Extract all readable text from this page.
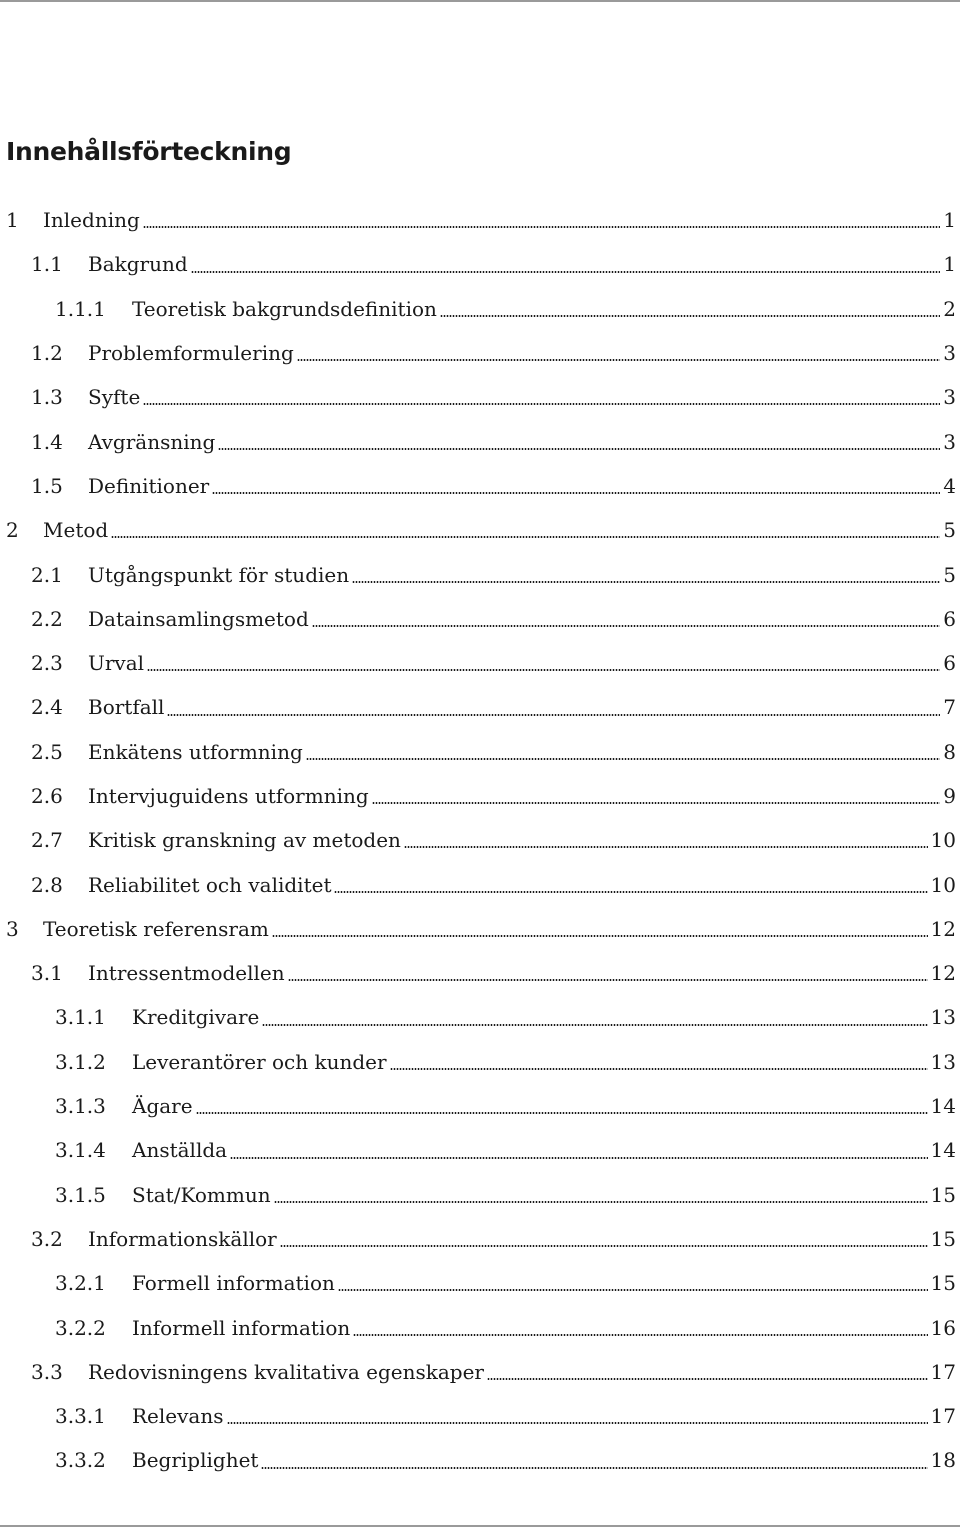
Innehållsförteckning
1	Inledning	1
1.1	Bakgrund	1
1.1.1	Teoretisk bakgrundsdefinition	2
1.2	Problemformulering	3
1.3	Syfte	3
1.4	Avgränsning	3
1.5	Definitioner	4
2	Metod	5
2.1	Utgångspunkt för studien	5
2.2	Datainsamlingsmetod	6
2.3	Urval	6
2.4	Bortfall	7
2.5	Enkätens utformning	8
2.6	Intervjuguidens utformning	9
2.7	Kritisk granskning av metoden	10
2.8	Reliabilitet och validitet	10
3	Teoretisk referensram	12
3.1	Intressentmodellen	12
3.1.1	Kreditgivare	13
3.1.2	Leverantörer och kunder	13
3.1.3	Ägare	14
3.1.4	Anställda	14
3.1.5	Stat/Kommun	15
3.2	Informationskällor	15
3.2.1	Formell information	15
3.2.2	Informell information	16
3.3	Redovisningens kvalitativa egenskaper	17
3.3.1	Relevans	17
3.3.2	Begriplighet	18
